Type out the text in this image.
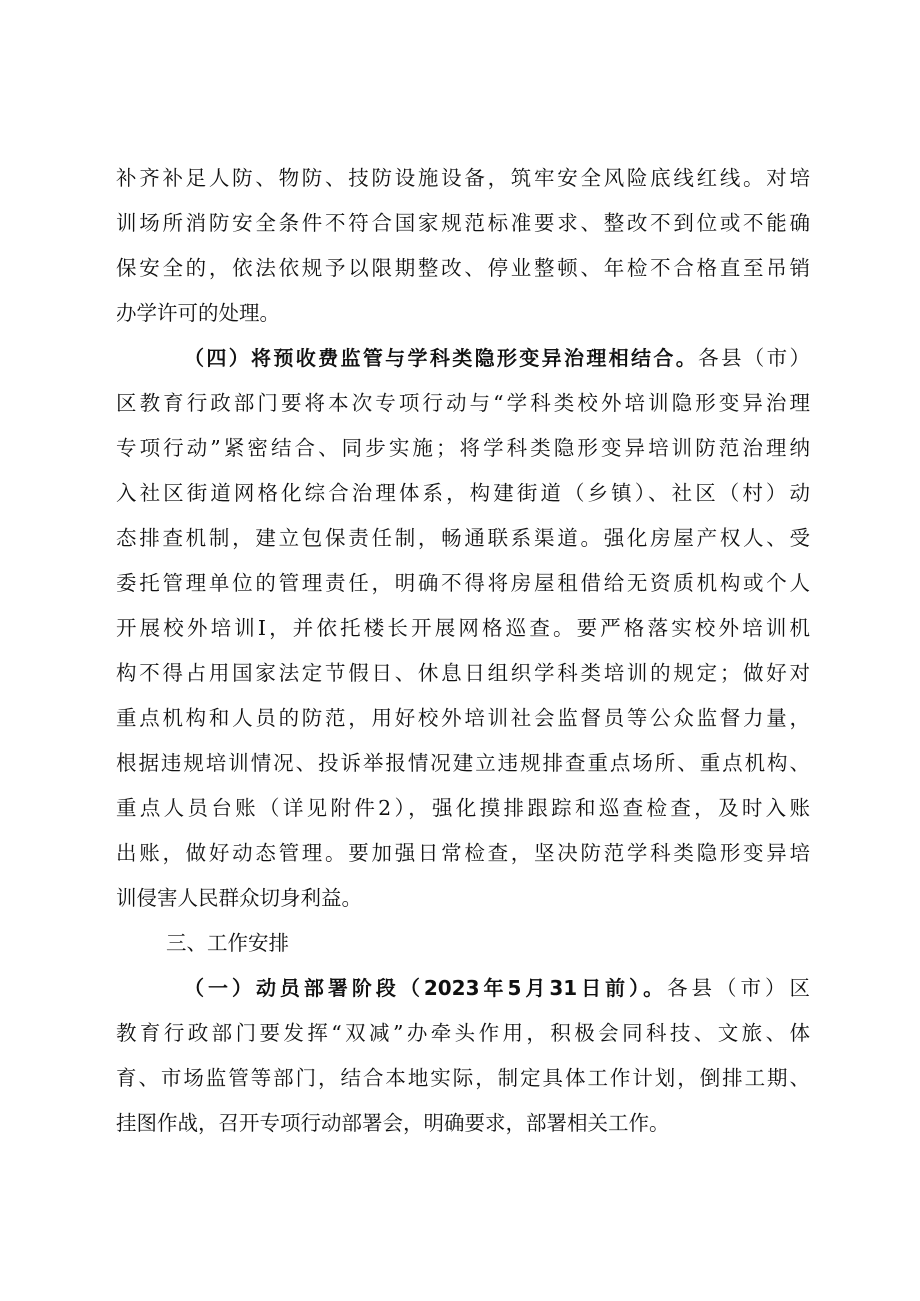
补齐补足人防、物防、技防设施设备，筑牢安全风险底线红线。对培
训场所消防安全条件不符合国家规范标准要求、整改不到位或不能确
保安全的，依法依规予以限期整改、停业整顿、年检不合格直至吊销
办学许可的处理。
（四）将预收费监管与学科类隐形变异治理相结合。各县（市）
区教育行政部门要将本次专项行动与“学科类校外培训隐形变异治理
专项行动”紧密结合、同步实施；将学科类隐形变异培训防范治理纳
入社区街道网格化综合治理体系，构建街道（乡镇）、社区（村）动
态排查机制，建立包保责任制，畅通联系渠道。强化房屋产权人、受
委托管理单位的管理责任，明确不得将房屋租借给无资质机构或个人
开展校外培训I，并依托楼长开展网格巡查。要严格落实校外培训机
构不得占用国家法定节假日、休息日组织学科类培训的规定；做好对
重点机构和人员的防范，用好校外培训社会监督员等公众监督力量，
根据违规培训情况、投诉举报情况建立违规排查重点场所、重点机构、
重点人员台账（详见附件2），强化摸排跟踪和巡查检查，及时入账
出账，做好动态管理。要加强日常检查，坚决防范学科类隐形变异培
训侵害人民群众切身利益。
三、工作安排
（一）动员部署阶段（2023年5月31日前）。各县（市）区
教育行政部门要发挥“双减”办牵头作用，积极会同科技、文旅、体
育、市场监管等部门，结合本地实际，制定具体工作计划，倒排工期、
挂图作战，召开专项行动部署会，明确要求，部署相关工作。
